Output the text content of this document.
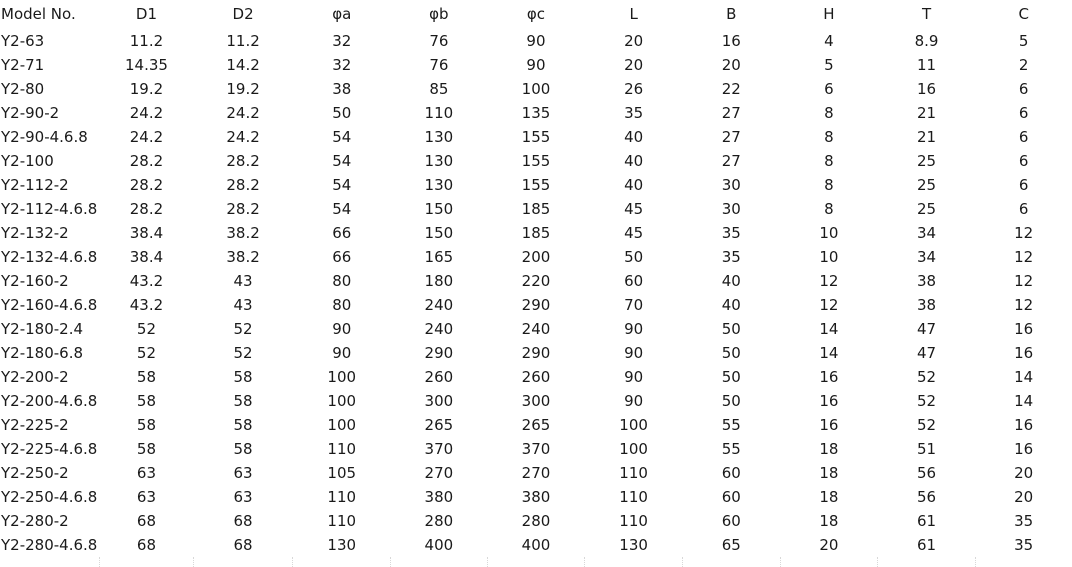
Model No.	D1	D2	φa	φb	φc	L	B	H	T	C
Y2-63	11.2	11.2	32	76	90	20	16	4	8.9	5
Y2-71	14.35	14.2	32	76	90	20	20	5	11	2
Y2-80	19.2	19.2	38	85	100	26	22	6	16	6
Y2-90-2	24.2	24.2	50	110	135	35	27	8	21	6
Y2-90-4.6.8	24.2	24.2	54	130	155	40	27	8	21	6
Y2-100	28.2	28.2	54	130	155	40	27	8	25	6
Y2-112-2	28.2	28.2	54	130	155	40	30	8	25	6
Y2-112-4.6.8	28.2	28.2	54	150	185	45	30	8	25	6
Y2-132-2	38.4	38.2	66	150	185	45	35	10	34	12
Y2-132-4.6.8	38.4	38.2	66	165	200	50	35	10	34	12
Y2-160-2	43.2	43	80	180	220	60	40	12	38	12
Y2-160-4.6.8	43.2	43	80	240	290	70	40	12	38	12
Y2-180-2.4	52	52	90	240	240	90	50	14	47	16
Y2-180-6.8	52	52	90	290	290	90	50	14	47	16
Y2-200-2	58	58	100	260	260	90	50	16	52	14
Y2-200-4.6.8	58	58	100	300	300	90	50	16	52	14
Y2-225-2	58	58	100	265	265	100	55	16	52	16
Y2-225-4.6.8	58	58	110	370	370	100	55	18	51	16
Y2-250-2	63	63	105	270	270	110	60	18	56	20
Y2-250-4.6.8	63	63	110	380	380	110	60	18	56	20
Y2-280-2	68	68	110	280	280	110	60	18	61	35
Y2-280-4.6.8	68	68	130	400	400	130	65	20	61	35
